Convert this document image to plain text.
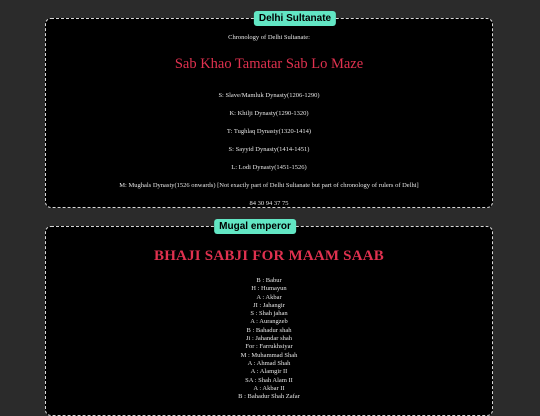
Delhi Sultanate
Chronology of Delhi Sultanate:
Sab Khao Tamatar Sab Lo Maze
S: Slave/Mamluk Dynasty(1206-1290)
K: Khilji Dynasty(1290-1320)
T: Tughlaq Dynasty(1320-1414)
S: Sayyid Dynasty(1414-1451)
L: Lodi Dynasty(1451-1526)
M: Mughals Dynasty(1526 onwards) [Not exactly part of Delhi Sultanate but part of chronology of rulers of Delhi]
84 30 94 37 75
Mugal emperor
BHAJI SABJI FOR MAAM SAAB
B : Babur
H : Humayun
A : Akbar
JI : Jahangir
S : Shah jahan
A : Aurangzeb
B : Bahadur shah
Ji : Jahandar shah
For : Farrukhsiyar
M : Muhammad Shah
A : Ahmad Shah
A : Alamgir II
SA : Shah Alam II
A : Akbar II
B : Bahadur Shah Zafar
